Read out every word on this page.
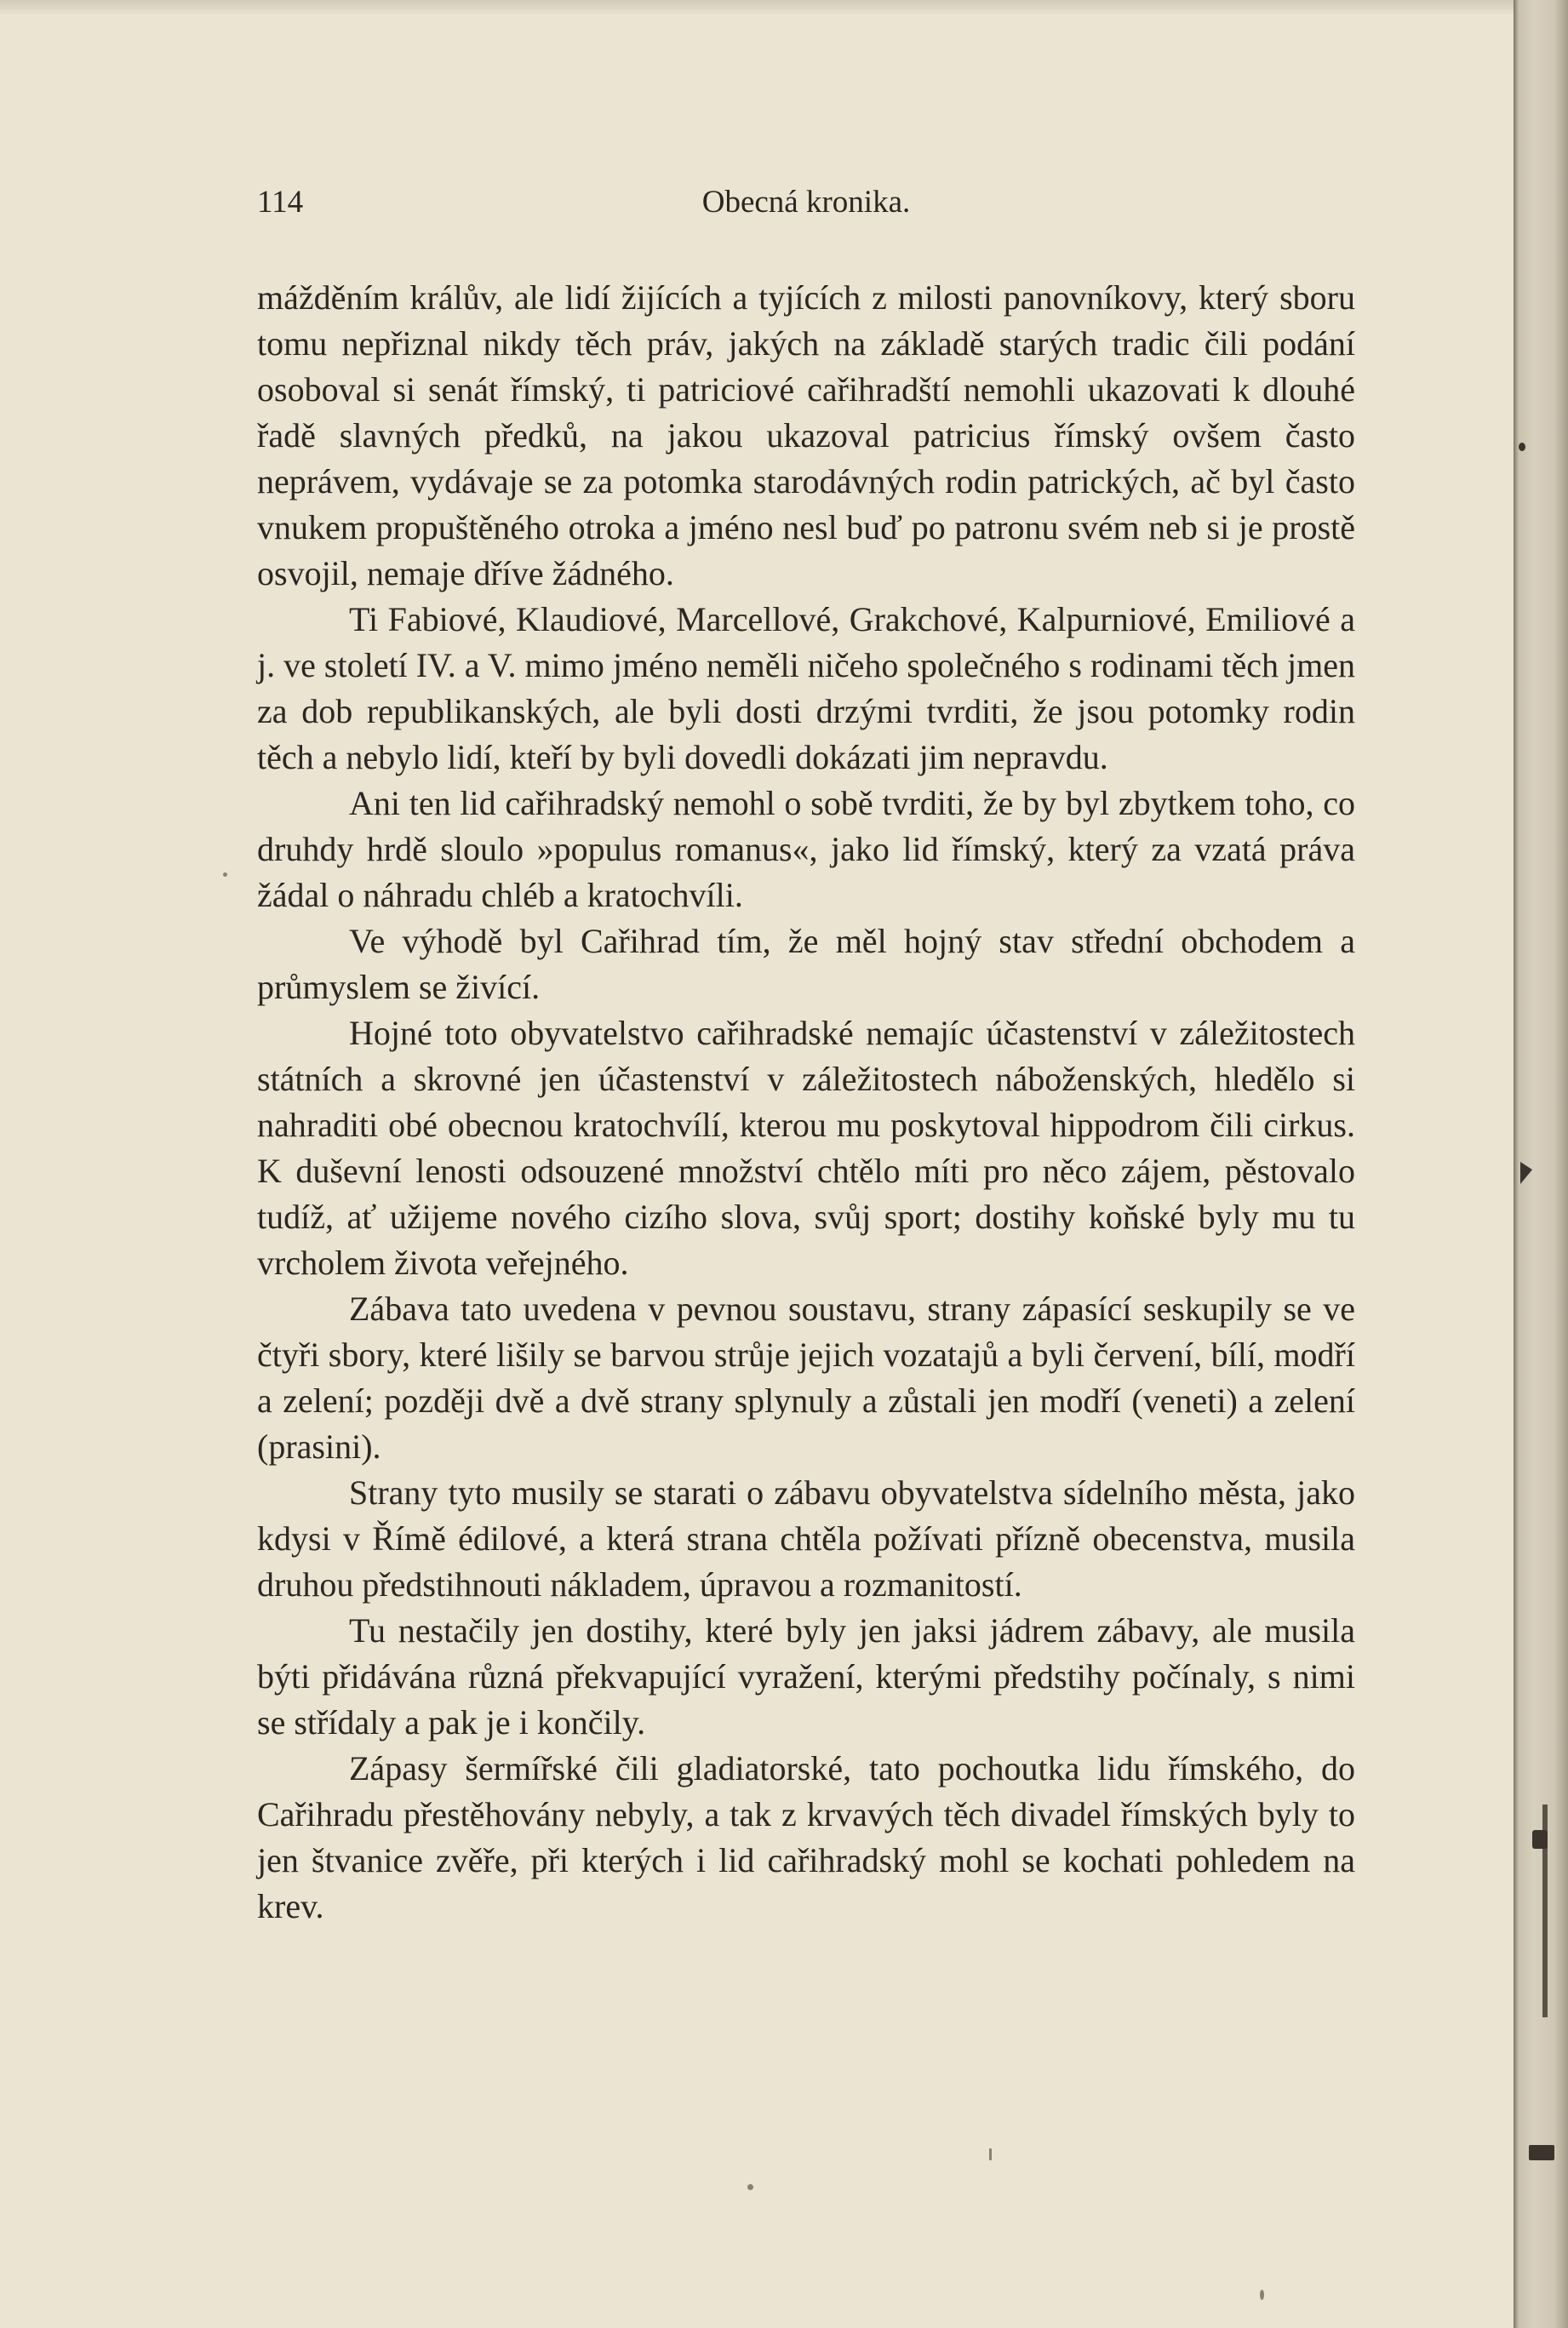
114	Obecná kronika.

mážděním králův, ale lidí žijících a tyjících z milosti panovníkovy, který sboru tomu nepřiznal nikdy těch práv, jakých na základě starých tradic čili podání osoboval si senát římský, ti patriciové cařihradští nemohli ukazovati k dlouhé řadě slavných předků, na jakou ukazoval patricius římský ovšem často neprávem, vydávaje se za potomka starodávných rodin patrických, ač byl často vnukem propuštěného otroka a jméno nesl buď po patronu svém neb si je prostě osvojil, nemaje dříve žádného.

Ti Fabiové, Klaudiové, Marcellové, Grakchové, Kalpurniové, Emiliové a j. ve století IV. a V. mimo jméno neměli ničeho společného s rodinami těch jmen za dob republikanských, ale byli dosti drzými tvrditi, že jsou potomky rodin těch a nebylo lidí, kteří by byli dovedli dokázati jim nepravdu.

Ani ten lid cařihradský nemohl o sobě tvrditi, že by byl zbytkem toho, co druhdy hrdě sloulo »populus romanus«, jako lid římský, který za vzatá práva žádal o náhradu chléb a kratochvíli.

Ve výhodě byl Cařihrad tím, že měl hojný stav střední obchodem a průmyslem se živící.

Hojné toto obyvatelstvo cařihradské nemajíc účastenství v záležitostech státních a skrovné jen účastenství v záležitostech náboženských, hledělo si nahraditi obé obecnou kratochvílí, kterou mu poskytoval hippodrom čili cirkus. K duševní lenosti odsouzené množství chtělo míti pro něco zájem, pěstovalo tudíž, ať užijeme nového cizího slova, svůj sport; dostihy koňské byly mu tu vrcholem života veřejného.

Zábava tato uvedena v pevnou soustavu, strany zápasící seskupily se ve čtyři sbory, které lišily se barvou strůje jejich vozatajů a byli červení, bílí, modří a zelení; později dvě a dvě strany splynuly a zůstali jen modří (veneti) a zelení (prasini).

Strany tyto musily se starati o zábavu obyvatelstva sídelního města, jako kdysi v Římě édilové, a která strana chtěla požívati přízně obecenstva, musila druhou předstihnouti nákladem, úpravou a rozmanitostí.

Tu nestačily jen dostihy, které byly jen jaksi jádrem zábavy, ale musila býti přidávána různá překvapující vyražení, kterými předstihy počínaly, s nimi se střídaly a pak je i končily.

Zápasy šermířské čili gladiatorské, tato pochoutka lidu římského, do Cařihradu přestěhovány nebyly, a tak z krvavých těch divadel římských byly to jen štvanice zvěře, při kterých i lid cařihradský mohl se kochati pohledem na krev.
